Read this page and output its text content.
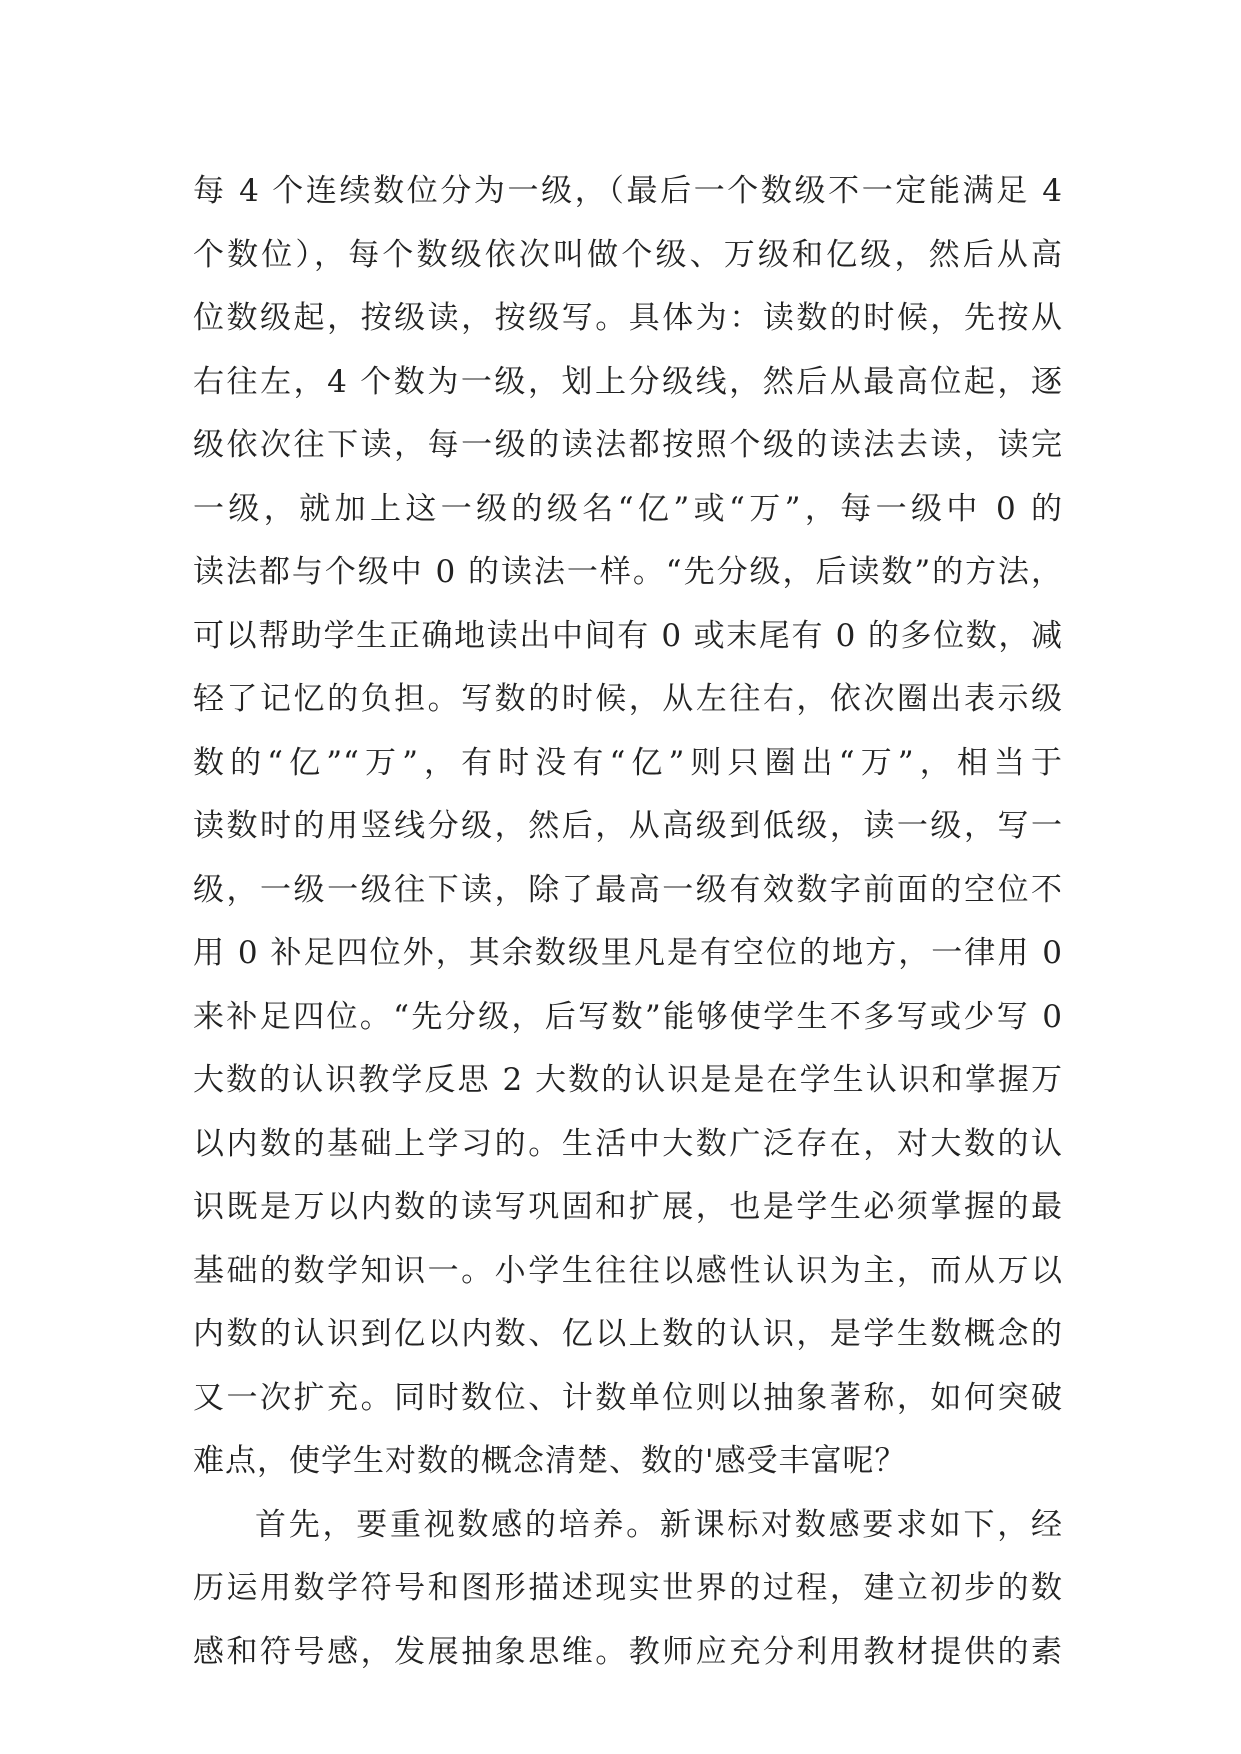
每 4 个连续数位分为一级，（最后一个数级不一定能满足 4
个数位），每个数级依次叫做个级、万级和亿级，然后从高
位数级起，按级读，按级写。具体为：读数的时候，先按从
右往左，4 个数为一级，划上分级线，然后从最高位起，逐
级依次往下读，每一级的读法都按照个级的读法去读，读完
一级，就加上这一级的级名“亿”或“万”，每一级中 0 的
读法都与个级中 0 的读法一样。“先分级，后读数”的方法，
可以帮助学生正确地读出中间有 0 或末尾有 0 的多位数，减
轻了记忆的负担。写数的时候，从左往右，依次圈出表示级
数的“亿”“万”，有时没有“亿”则只圈出“万”，相当于
读数时的用竖线分级，然后，从高级到低级，读一级，写一
级，一级一级往下读，除了最高一级有效数字前面的空位不
用 0 补足四位外，其余数级里凡是有空位的地方，一律用 0
来补足四位。“先分级，后写数”能够使学生不多写或少写 0
大数的认识教学反思 2 大数的认识是是在学生认识和掌握万
以内数的基础上学习的。生活中大数广泛存在，对大数的认
识既是万以内数的读写巩固和扩展，也是学生必须掌握的最
基础的数学知识一。小学生往往以感性认识为主，而从万以
内数的认识到亿以内数、亿以上数的认识，是学生数概念的
又一次扩充。同时数位、计数单位则以抽象著称，如何突破
难点，使学生对数的概念清楚、数的'感受丰富呢？
首先，要重视数感的培养。新课标对数感要求如下，经
历运用数学符号和图形描述现实世界的过程，建立初步的数
感和符号感，发展抽象思维。教师应充分利用教材提供的素
